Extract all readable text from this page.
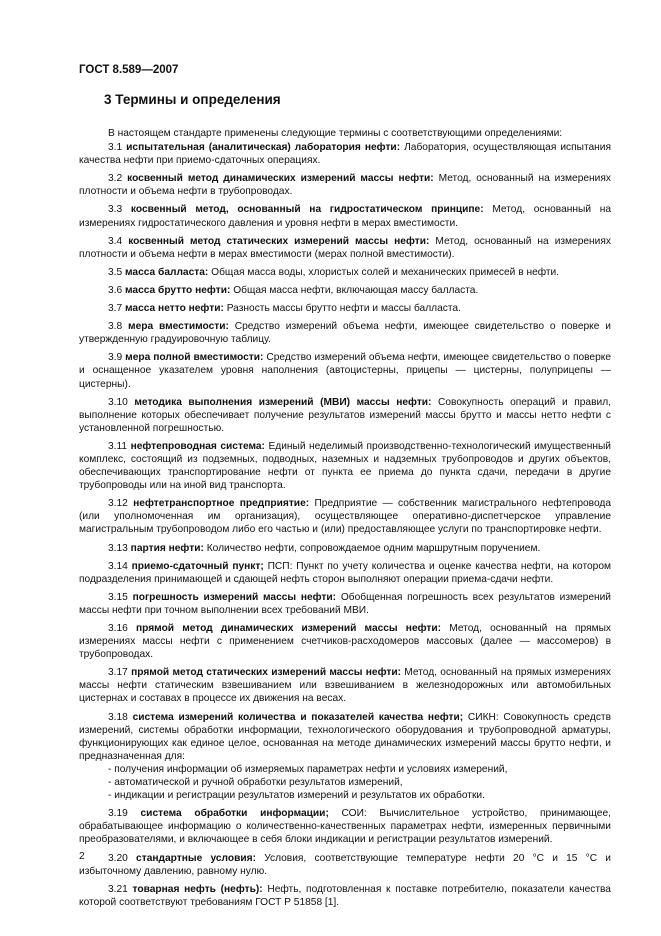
ГОСТ 8.589—2007
3 Термины и определения

В настоящем стандарте применены следующие термины с соответствующими определениями:

3.1 испытательная (аналитическая) лаборатория нефти: Лаборатория, осуществляющая испытания качества нефти при приемо-сдаточных операциях.

3.2 косвенный метод динамических измерений массы нефти: Метод, основанный на измерениях плотности и объема нефти в трубопроводах.

3.3 косвенный метод, основанный на гидростатическом принципе: Метод, основанный на измерениях гидростатического давления и уровня нефти в мерах вместимости.

3.4 косвенный метод статических измерений массы нефти: Метод, основанный на измерениях плотности и объема нефти в мерах вместимости (мерах полной вместимости).

3.5 масса балласта: Общая масса воды, хлористых солей и механических примесей в нефти.

3.6 масса брутто нефти: Общая масса нефти, включающая массу балласта.

3.7 масса нетто нефти: Разность массы брутто нефти и массы балласта.

3.8 мера вместимости: Средство измерений объема нефти, имеющее свидетельство о поверке и утвержденную градуировочную таблицу.

3.9 мера полной вместимости: Средство измерений объема нефти, имеющее свидетельство о поверке и оснащенное указателем уровня наполнения (автоцистерны, прицепы — цистерны, полуприцепы — цистерны).

3.10 методика выполнения измерений (МВИ) массы нефти: Совокупность операций и правил, выполнение которых обеспечивает получение результатов измерений массы брутто и массы нетто нефти с установленной погрешностью.

3.11 нефтепроводная система: Единый неделимый производственно-технологический имущественный комплекс, состоящий из подземных, подводных, наземных и надземных трубопроводов и других объектов, обеспечивающих транспортирование нефти от пункта ее приема до пункта сдачи, передачи в другие трубопроводы или на иной вид транспорта.

3.12 нефтетранспортное предприятие: Предприятие — собственник магистрального нефтепровода (или уполномоченная им организация), осуществляющее оперативно-диспетчерское управление магистральным трубопроводом либо его частью и (или) предоставляющее услуги по транспортировке нефти.

3.13 партия нефти: Количество нефти, сопровождаемое одним маршрутным поручением.

3.14 приемо-сдаточный пункт; ПСП: Пункт по учету количества и оценке качества нефти, на котором подразделения принимающей и сдающей нефть сторон выполняют операции приема-сдачи нефти.

3.15 погрешность измерений массы нефти: Обобщенная погрешность всех результатов измерений массы нефти при точном выполнении всех требований МВИ.

3.16 прямой метод динамических измерений массы нефти: Метод, основанный на прямых измерениях массы нефти с применением счетчиков-расходомеров массовых (далее — массомеров) в трубопроводах.

3.17 прямой метод статических измерений массы нефти: Метод, основанный на прямых измерениях массы нефти статическим взвешиванием или взвешиванием в железнодорожных или автомобильных цистернах и составах в процессе их движения на весах.

3.18 система измерений количества и показателей качества нефти; СИКН: Совокупность средств измерений, системы обработки информации, технологического оборудования и трубопроводной арматуры, функционирующих как единое целое, основанная на методе динамических измерений массы брутто нефти, и предназначенная для:

- получения информации об измеряемых параметрах нефти и условиях измерений,
- автоматической и ручной обработки результатов измерений,
- индикации и регистрации результатов измерений и результатов их обработки.

3.19 система обработки информации; СОИ: Вычислительное устройство, принимающее, обрабатывающее информацию о количественно-качественных параметрах нефти, измеренных первичными преобразователями, и включающее в себя блоки индикации и регистрации результатов измерений.

3.20 стандартные условия: Условия, соответствующие температуре нефти 20 °С и 15 °С и избыточному давлению, равному нулю.

3.21 товарная нефть (нефть): Нефть, подготовленная к поставке потребителю, показатели качества которой соответствуют требованиям ГОСТ Р 51858 [1].

2
